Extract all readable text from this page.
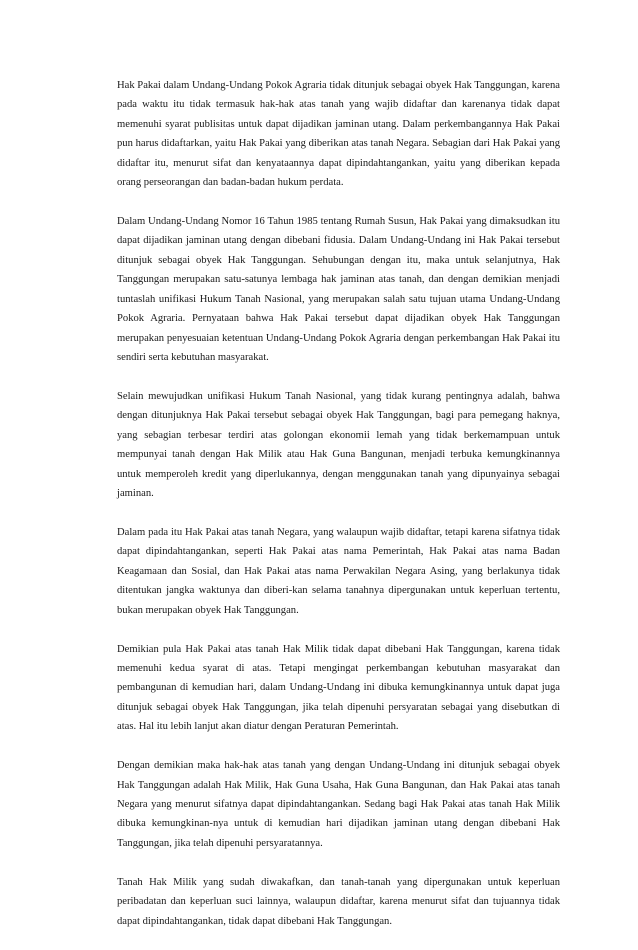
Hak Pakai dalam Undang-Undang Pokok Agraria tidak ditunjuk sebagai obyek Hak Tanggungan, karena pada waktu itu tidak termasuk hak-hak atas tanah yang wajib didaftar dan karenanya tidak dapat memenuhi syarat publisitas untuk dapat dijadikan jaminan utang. Dalam perkembangannya Hak Pakai pun harus didaftarkan, yaitu Hak Pakai yang diberikan atas tanah Negara. Sebagian dari Hak Pakai yang didaftar itu, menurut sifat dan kenyataannya dapat dipindahtangankan, yaitu yang diberikan kepada orang perseorangan dan badan-badan hukum perdata.

Dalam Undang-Undang Nomor 16 Tahun 1985 tentang Rumah Susun, Hak Pakai yang dimaksudkan itu dapat dijadikan jaminan utang dengan dibebani fidusia. Dalam Undang-Undang ini Hak Pakai tersebut ditunjuk sebagai obyek Hak Tanggungan. Sehubungan dengan itu, maka untuk selanjutnya, Hak Tanggungan merupakan satu-satunya lembaga hak jaminan atas tanah, dan dengan demikian menjadi tuntaslah unifikasi Hukum Tanah Nasional, yang merupakan salah satu tujuan utama Undang-Undang Pokok Agraria. Pernyataan bahwa Hak Pakai tersebut dapat dijadikan obyek Hak Tanggungan merupakan penyesuaian ketentuan Undang-Undang Pokok Agraria dengan perkembangan Hak Pakai itu sendiri serta kebutuhan masyarakat.

Selain mewujudkan unifikasi Hukum Tanah Nasional, yang tidak kurang pentingnya adalah, bahwa dengan ditunjuknya Hak Pakai tersebut sebagai obyek Hak Tanggungan, bagi para pemegang haknya, yang sebagian terbesar terdiri atas golongan ekonomii lemah yang tidak berkemampuan untuk mempunyai tanah dengan Hak Milik atau Hak Guna Bangunan, menjadi terbuka kemungkinannya untuk memperoleh kredit yang diperlukannya, dengan menggunakan tanah yang dipunyainya sebagai jaminan.

Dalam pada itu Hak Pakai atas tanah Negara, yang walaupun wajib didaftar, tetapi karena sifatnya tidak dapat dipindahtangankan, seperti Hak Pakai atas nama Pemerintah, Hak Pakai atas nama Badan Keagamaan dan Sosial, dan Hak Pakai atas nama Perwakilan Negara Asing, yang berlakunya tidak ditentukan jangka waktunya dan diberi-kan selama tanahnya dipergunakan untuk keperluan tertentu, bukan merupakan obyek Hak Tanggungan.

Demikian pula Hak Pakai atas tanah Hak Milik tidak dapat dibebani Hak Tanggungan, karena tidak memenuhi kedua syarat di atas. Tetapi mengingat perkembangan kebutuhan masyarakat dan pembangunan di kemudian hari, dalam Undang-Undang ini dibuka kemungkinannya untuk dapat juga ditunjuk sebagai obyek Hak Tanggungan, jika telah dipenuhi persyaratan sebagai yang disebutkan di atas. Hal itu lebih lanjut akan diatur dengan Peraturan Pemerintah.

Dengan demikian maka hak-hak atas tanah yang dengan Undang-Undang ini ditunjuk sebagai obyek Hak Tanggungan adalah Hak Milik, Hak Guna Usaha, Hak Guna Bangunan, dan Hak Pakai atas tanah Negara yang menurut sifatnya dapat dipindahtangankan. Sedang bagi Hak Pakai atas tanah Hak Milik dibuka kemungkinan-nya untuk di kemudian hari dijadikan jaminan utang dengan dibebani Hak Tanggungan, jika telah dipenuhi persyaratannya.

Tanah Hak Milik yang sudah diwakafkan, dan tanah-tanah yang dipergunakan untuk keperluan peribadatan dan keperluan suci lainnya, walaupun didaftar, karena menurut sifat dan tujuannya tidak dapat dipindahtangankan, tidak dapat dibebani Hak Tanggungan.
